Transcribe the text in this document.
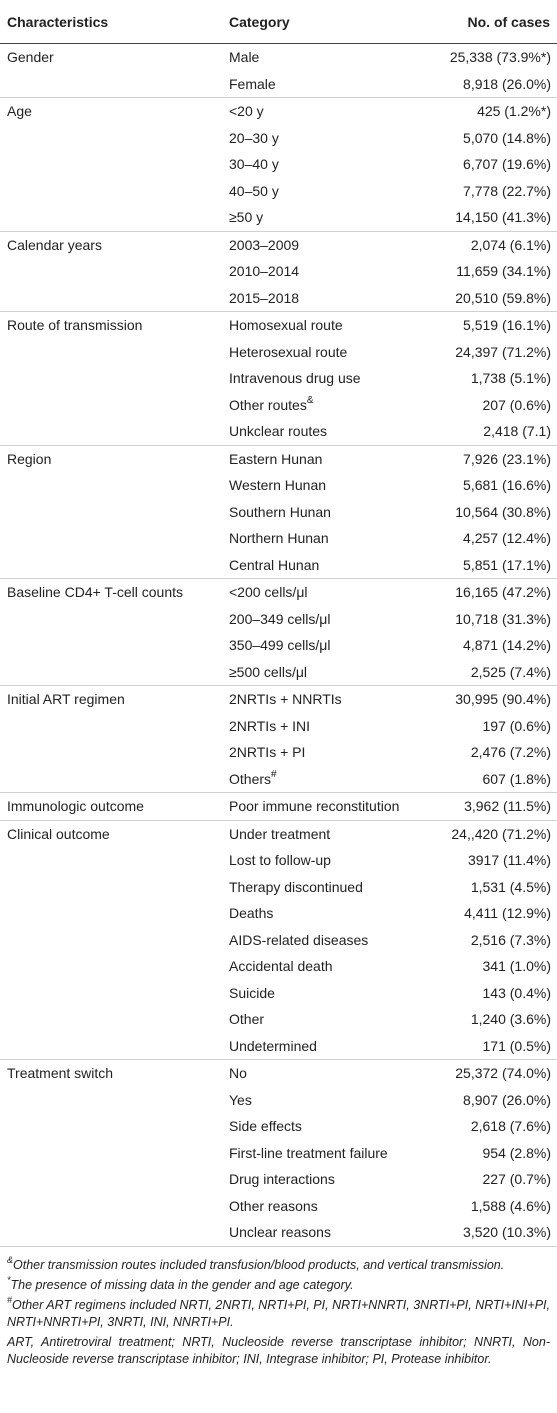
Characteristics	Category	No. of cases
Gender	Male	25,338 (73.9%*)
	Female	8,918 (26.0%)
Age	<20 y	425 (1.2%*)
	20–30 y	5,070 (14.8%)
	30–40 y	6,707 (19.6%)
	40–50 y	7,778 (22.7%)
	≥50 y	14,150 (41.3%)
Calendar years	2003–2009	2,074 (6.1%)
	2010–2014	11,659 (34.1%)
	2015–2018	20,510 (59.8%)
Route of transmission	Homosexual route	5,519 (16.1%)
	Heterosexual route	24,397 (71.2%)
	Intravenous drug use	1,738 (5.1%)
	Other routes&	207 (0.6%)
	Unkclear routes	2,418 (7.1)
Region	Eastern Hunan	7,926 (23.1%)
	Western Hunan	5,681 (16.6%)
	Southern Hunan	10,564 (30.8%)
	Northern Hunan	4,257 (12.4%)
	Central Hunan	5,851 (17.1%)
Baseline CD4+ T-cell counts	<200 cells/μl	16,165 (47.2%)
	200–349 cells/μl	10,718 (31.3%)
	350–499 cells/μl	4,871 (14.2%)
	≥500 cells/μl	2,525 (7.4%)
Initial ART regimen	2NRTIs + NNRTIs	30,995 (90.4%)
	2NRTIs + INI	197 (0.6%)
	2NRTIs + PI	2,476 (7.2%)
	Others#	607 (1.8%)
Immunologic outcome	Poor immune reconstitution	3,962 (11.5%)
Clinical outcome	Under treatment	24,,420 (71.2%)
	Lost to follow-up	3917 (11.4%)
	Therapy discontinued	1,531 (4.5%)
	Deaths	4,411 (12.9%)
	AIDS-related diseases	2,516 (7.3%)
	Accidental death	341 (1.0%)
	Suicide	143 (0.4%)
	Other	1,240 (3.6%)
	Undetermined	171 (0.5%)
Treatment switch	No	25,372 (74.0%)
	Yes	8,907 (26.0%)
	Side effects	2,618 (7.6%)
	First-line treatment failure	954 (2.8%)
	Drug interactions	227 (0.7%)
	Other reasons	1,588 (4.6%)
	Unclear reasons	3,520 (10.3%)

&Other transmission routes included transfusion/blood products, and vertical transmission.

*The presence of missing data in the gender and age category.

#Other ART regimens included NRTI, 2NRTI, NRTI+PI, PI, NRTI+NNRTI, 3NRTI+PI, NRTI+INI+PI, NRTI+NNRTI+PI, 3NRTI, INI, NNRTI+PI.

ART, Antiretroviral treatment; NRTI, Nucleoside reverse transcriptase inhibitor; NNRTI, Non-Nucleoside reverse transcriptase inhibitor; INI, Integrase inhibitor; PI, Protease inhibitor.
